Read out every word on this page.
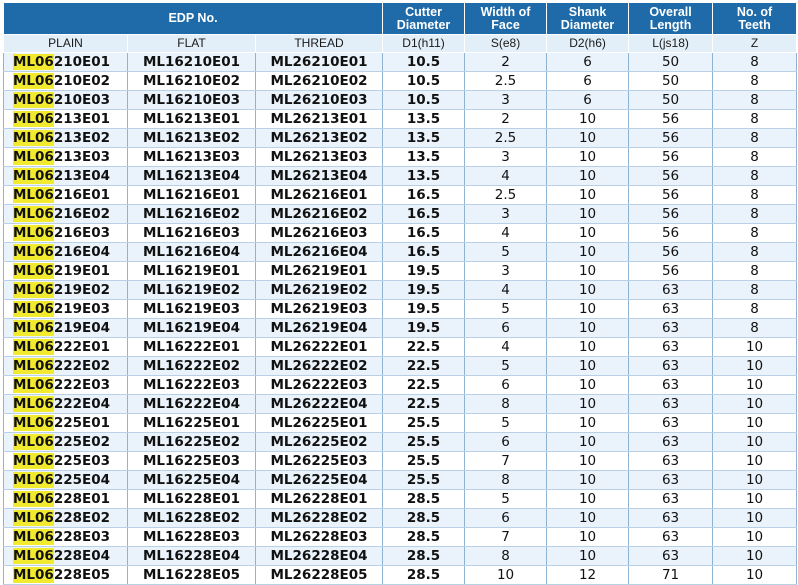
EDP No.			Cutter Diameter	Width of Face	Shank Diameter	Overall Length	No. of Teeth
PLAIN	FLAT	THREAD	D1(h11)	S(e8)	D2(h6)	L(js18)	Z
ML06210E01	ML16210E01	ML26210E01	10.5	2	6	50	8
ML06210E02	ML16210E02	ML26210E02	10.5	2.5	6	50	8
ML06210E03	ML16210E03	ML26210E03	10.5	3	6	50	8
ML06213E01	ML16213E01	ML26213E01	13.5	2	10	56	8
ML06213E02	ML16213E02	ML26213E02	13.5	2.5	10	56	8
ML06213E03	ML16213E03	ML26213E03	13.5	3	10	56	8
ML06213E04	ML16213E04	ML26213E04	13.5	4	10	56	8
ML06216E01	ML16216E01	ML26216E01	16.5	2.5	10	56	8
ML06216E02	ML16216E02	ML26216E02	16.5	3	10	56	8
ML06216E03	ML16216E03	ML26216E03	16.5	4	10	56	8
ML06216E04	ML16216E04	ML26216E04	16.5	5	10	56	8
ML06219E01	ML16219E01	ML26219E01	19.5	3	10	56	8
ML06219E02	ML16219E02	ML26219E02	19.5	4	10	63	8
ML06219E03	ML16219E03	ML26219E03	19.5	5	10	63	8
ML06219E04	ML16219E04	ML26219E04	19.5	6	10	63	8
ML06222E01	ML16222E01	ML26222E01	22.5	4	10	63	10
ML06222E02	ML16222E02	ML26222E02	22.5	5	10	63	10
ML06222E03	ML16222E03	ML26222E03	22.5	6	10	63	10
ML06222E04	ML16222E04	ML26222E04	22.5	8	10	63	10
ML06225E01	ML16225E01	ML26225E01	25.5	5	10	63	10
ML06225E02	ML16225E02	ML26225E02	25.5	6	10	63	10
ML06225E03	ML16225E03	ML26225E03	25.5	7	10	63	10
ML06225E04	ML16225E04	ML26225E04	25.5	8	10	63	10
ML06228E01	ML16228E01	ML26228E01	28.5	5	10	63	10
ML06228E02	ML16228E02	ML26228E02	28.5	6	10	63	10
ML06228E03	ML16228E03	ML26228E03	28.5	7	10	63	10
ML06228E04	ML16228E04	ML26228E04	28.5	8	10	63	10
ML06228E05	ML16228E05	ML26228E05	28.5	10	12	71	10
